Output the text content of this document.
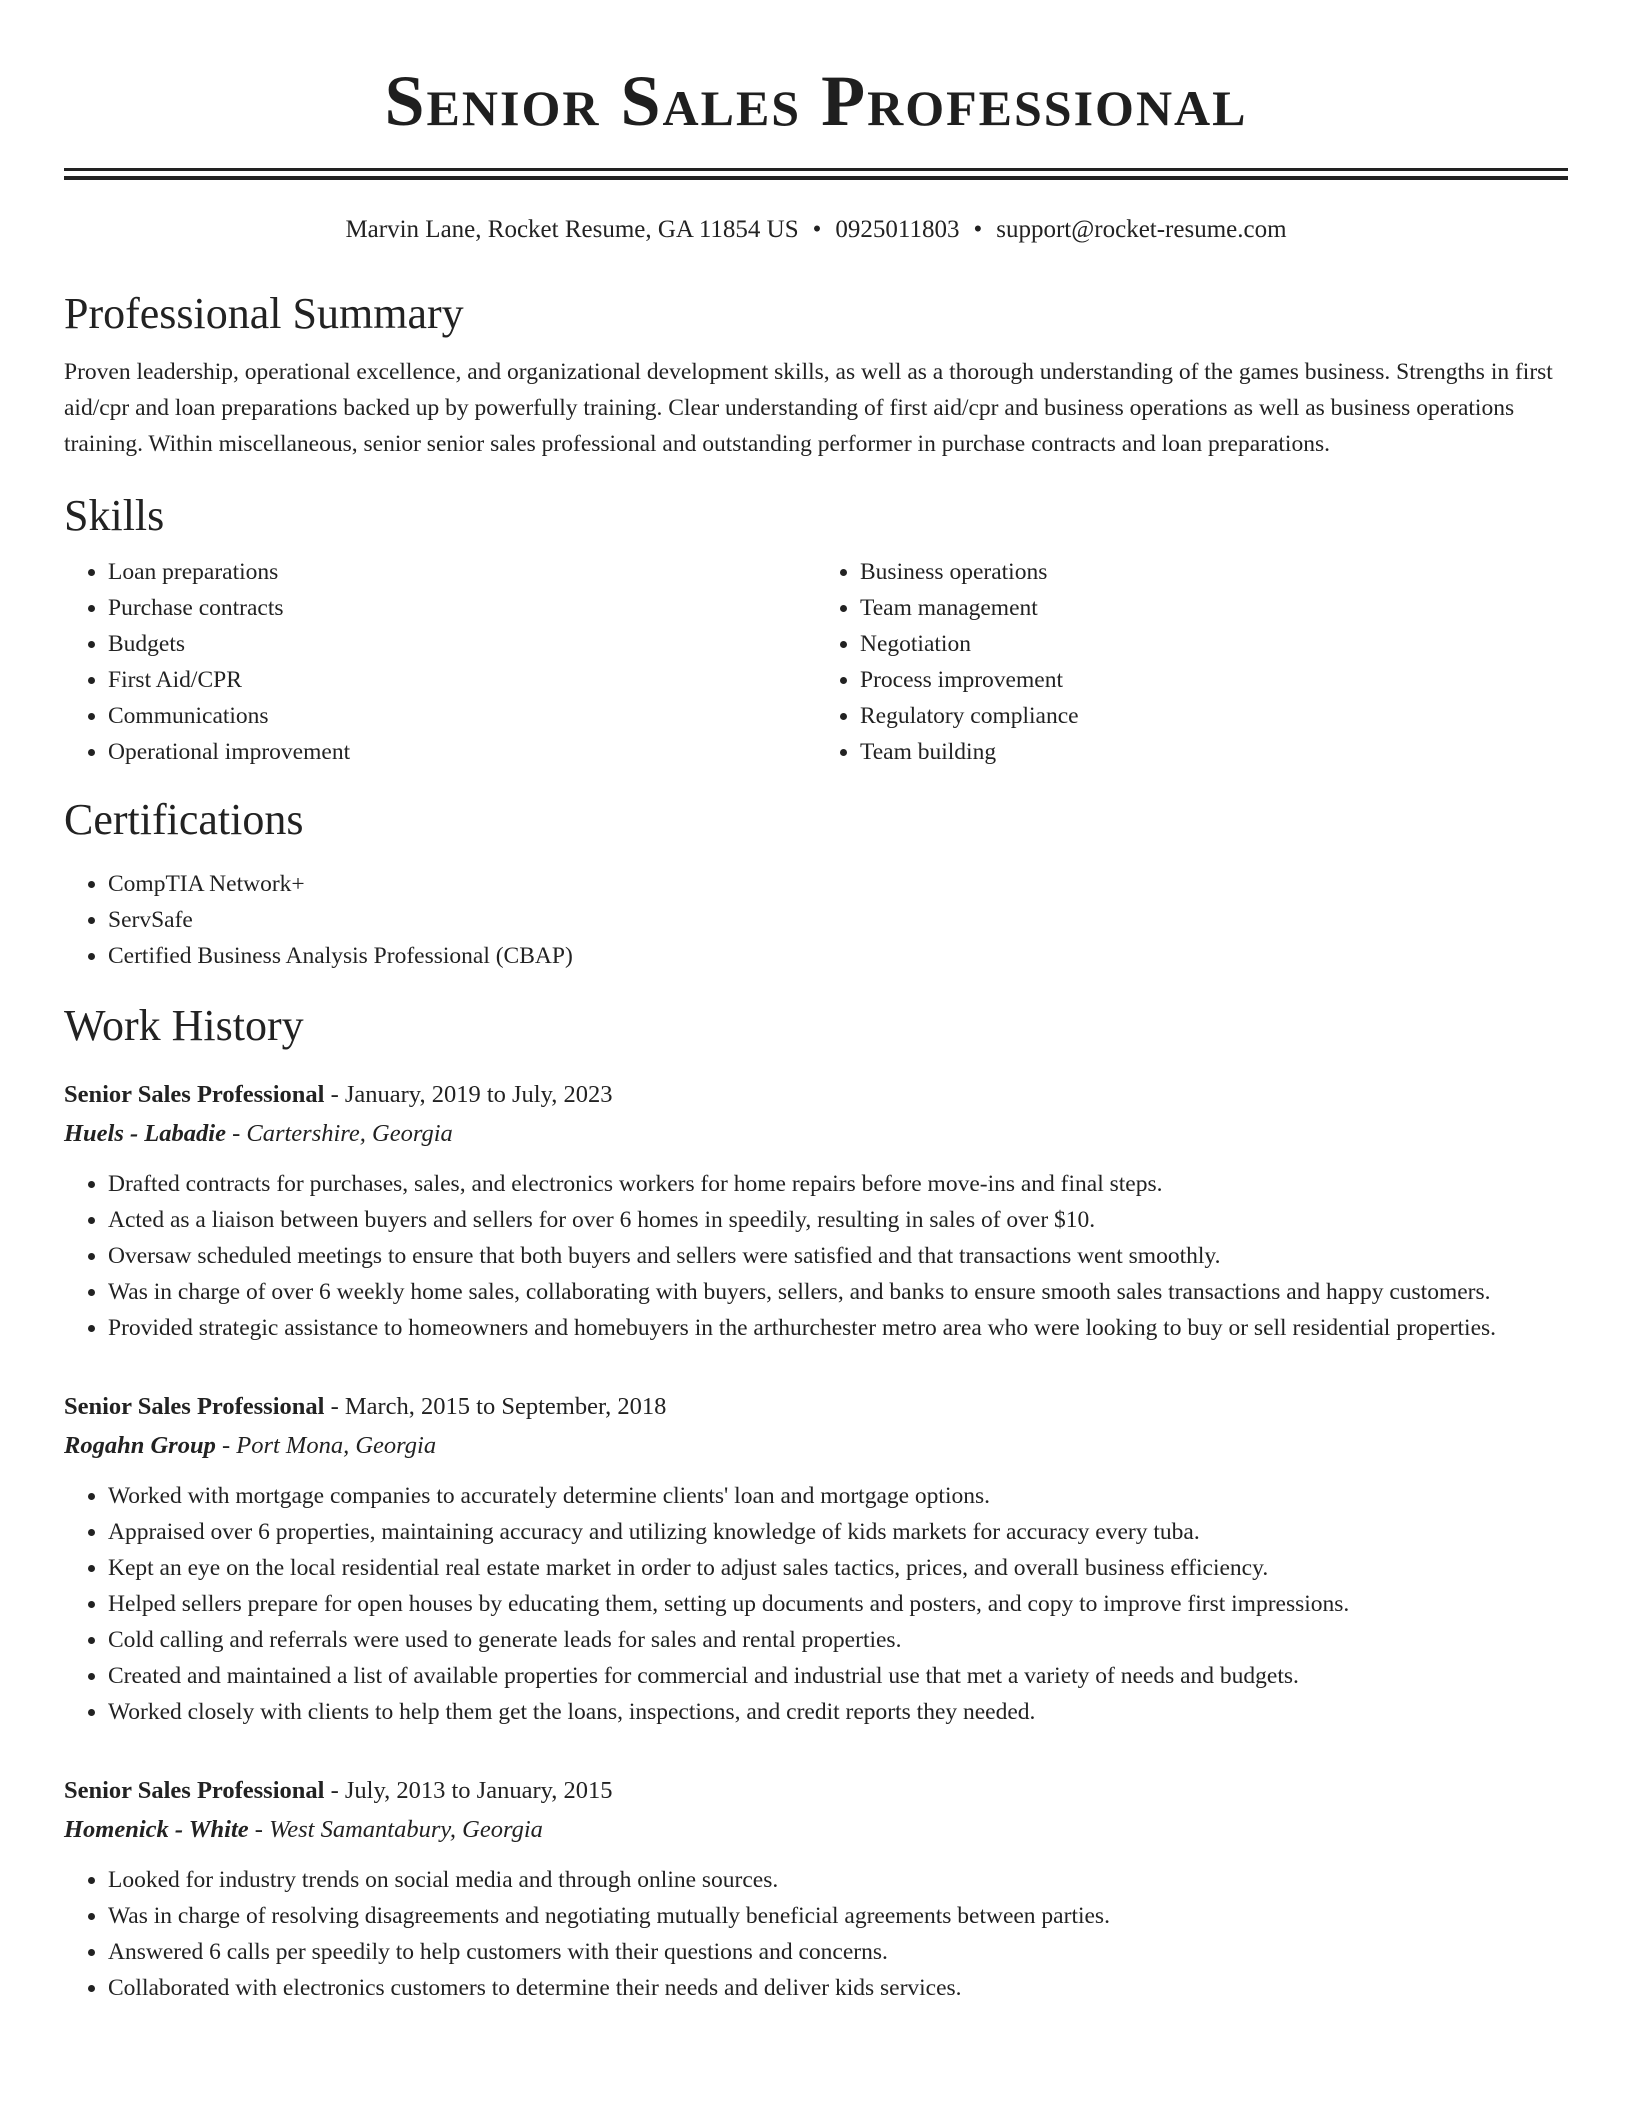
Senior Sales Professional
Marvin Lane, Rocket Resume, GA 11854 US • 0925011803 • support@rocket-resume.com
Professional Summary

Proven leadership, operational excellence, and organizational development skills, as well as a thorough understanding of the games business. Strengths in first aid/cpr and loan preparations backed up by powerfully training. Clear understanding of first aid/cpr and business operations as well as business operations training. Within miscellaneous, senior senior sales professional and outstanding performer in purchase contracts and loan preparations.

Skills
• Loan preparations
• Purchase contracts
• Budgets
• First Aid/CPR
• Communications
• Operational improvement
• Business operations
• Team management
• Negotiation
• Process improvement
• Regulatory compliance
• Team building
Certifications
• CompTIA Network+
• ServSafe
• Certified Business Analysis Professional (CBAP)
Work History
Senior Sales Professional - January, 2019 to July, 2023
Huels - Labadie - Cartershire, Georgia
• Drafted contracts for purchases, sales, and electronics workers for home repairs before move-ins and final steps.
• Acted as a liaison between buyers and sellers for over 6 homes in speedily, resulting in sales of over $10.
• Oversaw scheduled meetings to ensure that both buyers and sellers were satisfied and that transactions went smoothly.
• Was in charge of over 6 weekly home sales, collaborating with buyers, sellers, and banks to ensure smooth sales transactions and happy customers.
• Provided strategic assistance to homeowners and homebuyers in the arthurchester metro area who were looking to buy or sell residential properties.
Senior Sales Professional - March, 2015 to September, 2018
Rogahn Group - Port Mona, Georgia
• Worked with mortgage companies to accurately determine clients' loan and mortgage options.
• Appraised over 6 properties, maintaining accuracy and utilizing knowledge of kids markets for accuracy every tuba.
• Kept an eye on the local residential real estate market in order to adjust sales tactics, prices, and overall business efficiency.
• Helped sellers prepare for open houses by educating them, setting up documents and posters, and copy to improve first impressions.
• Cold calling and referrals were used to generate leads for sales and rental properties.
• Created and maintained a list of available properties for commercial and industrial use that met a variety of needs and budgets.
• Worked closely with clients to help them get the loans, inspections, and credit reports they needed.
Senior Sales Professional - July, 2013 to January, 2015
Homenick - White - West Samantabury, Georgia
• Looked for industry trends on social media and through online sources.
• Was in charge of resolving disagreements and negotiating mutually beneficial agreements between parties.
• Answered 6 calls per speedily to help customers with their questions and concerns.
• Collaborated with electronics customers to determine their needs and deliver kids services.
